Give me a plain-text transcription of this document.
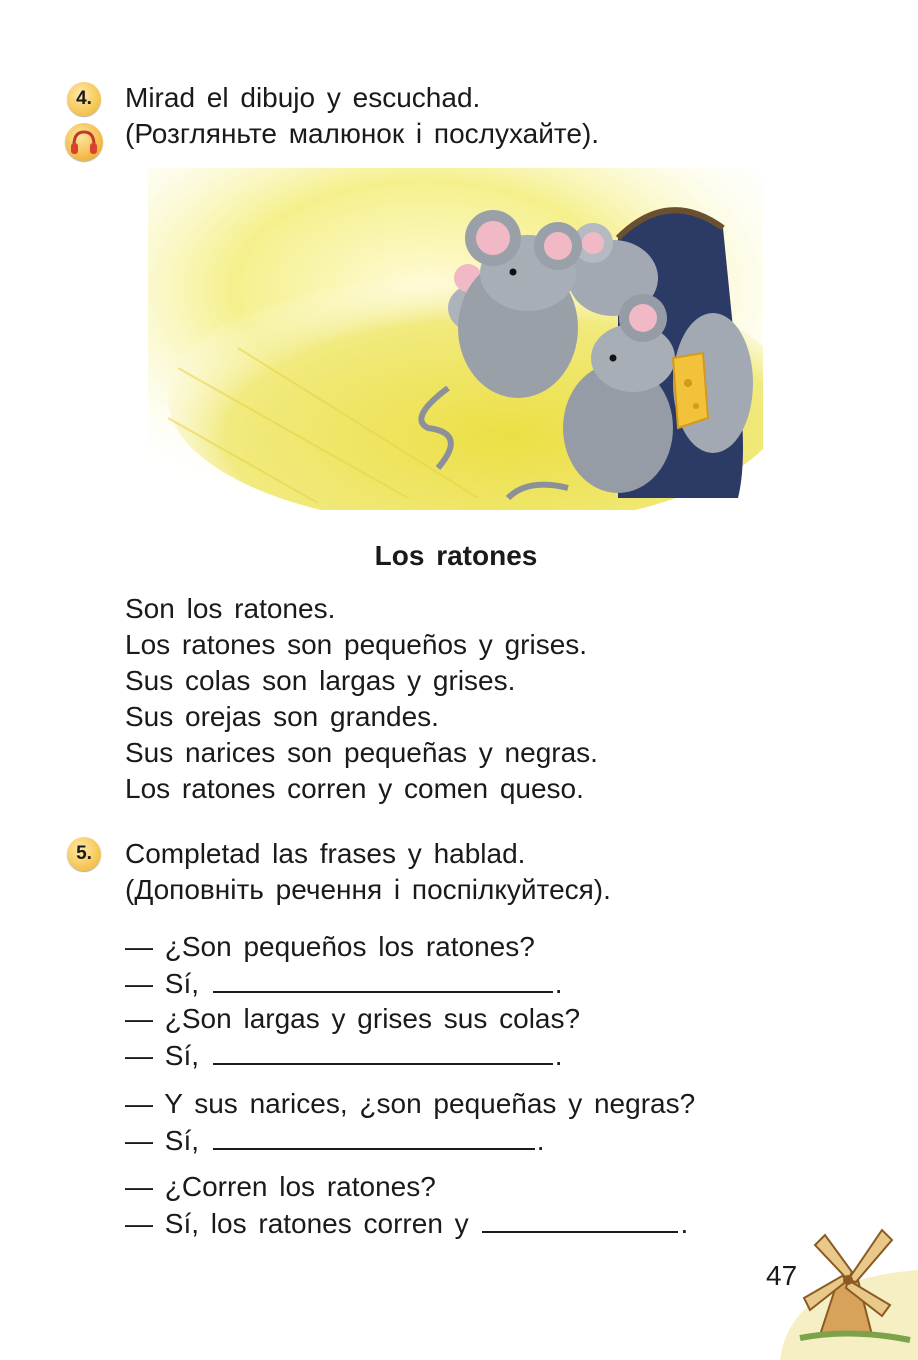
4.	Mirad el dibujo y escuchad.
(Розгляньте малюнок і послухайте).
Los ratones
Son los ratones.
Los ratones son pequeños y grises.
Sus colas son largas y grises.
Sus orejas son grandes.
Sus narices son pequeñas y negras.
Los ratones corren y comen queso.
5.	Completad las frases y hablad.
(Доповніть речення і поспілкуйтеся).
— ¿Son pequeños los ratones?
— Sí,	.
— ¿Son largas y grises sus colas?
— Sí,	.
— Y sus narices, ¿son pequeñas y negras?
— Sí,	.
— ¿Corren los ratones?
— Sí, los ratones corren y	.
47
